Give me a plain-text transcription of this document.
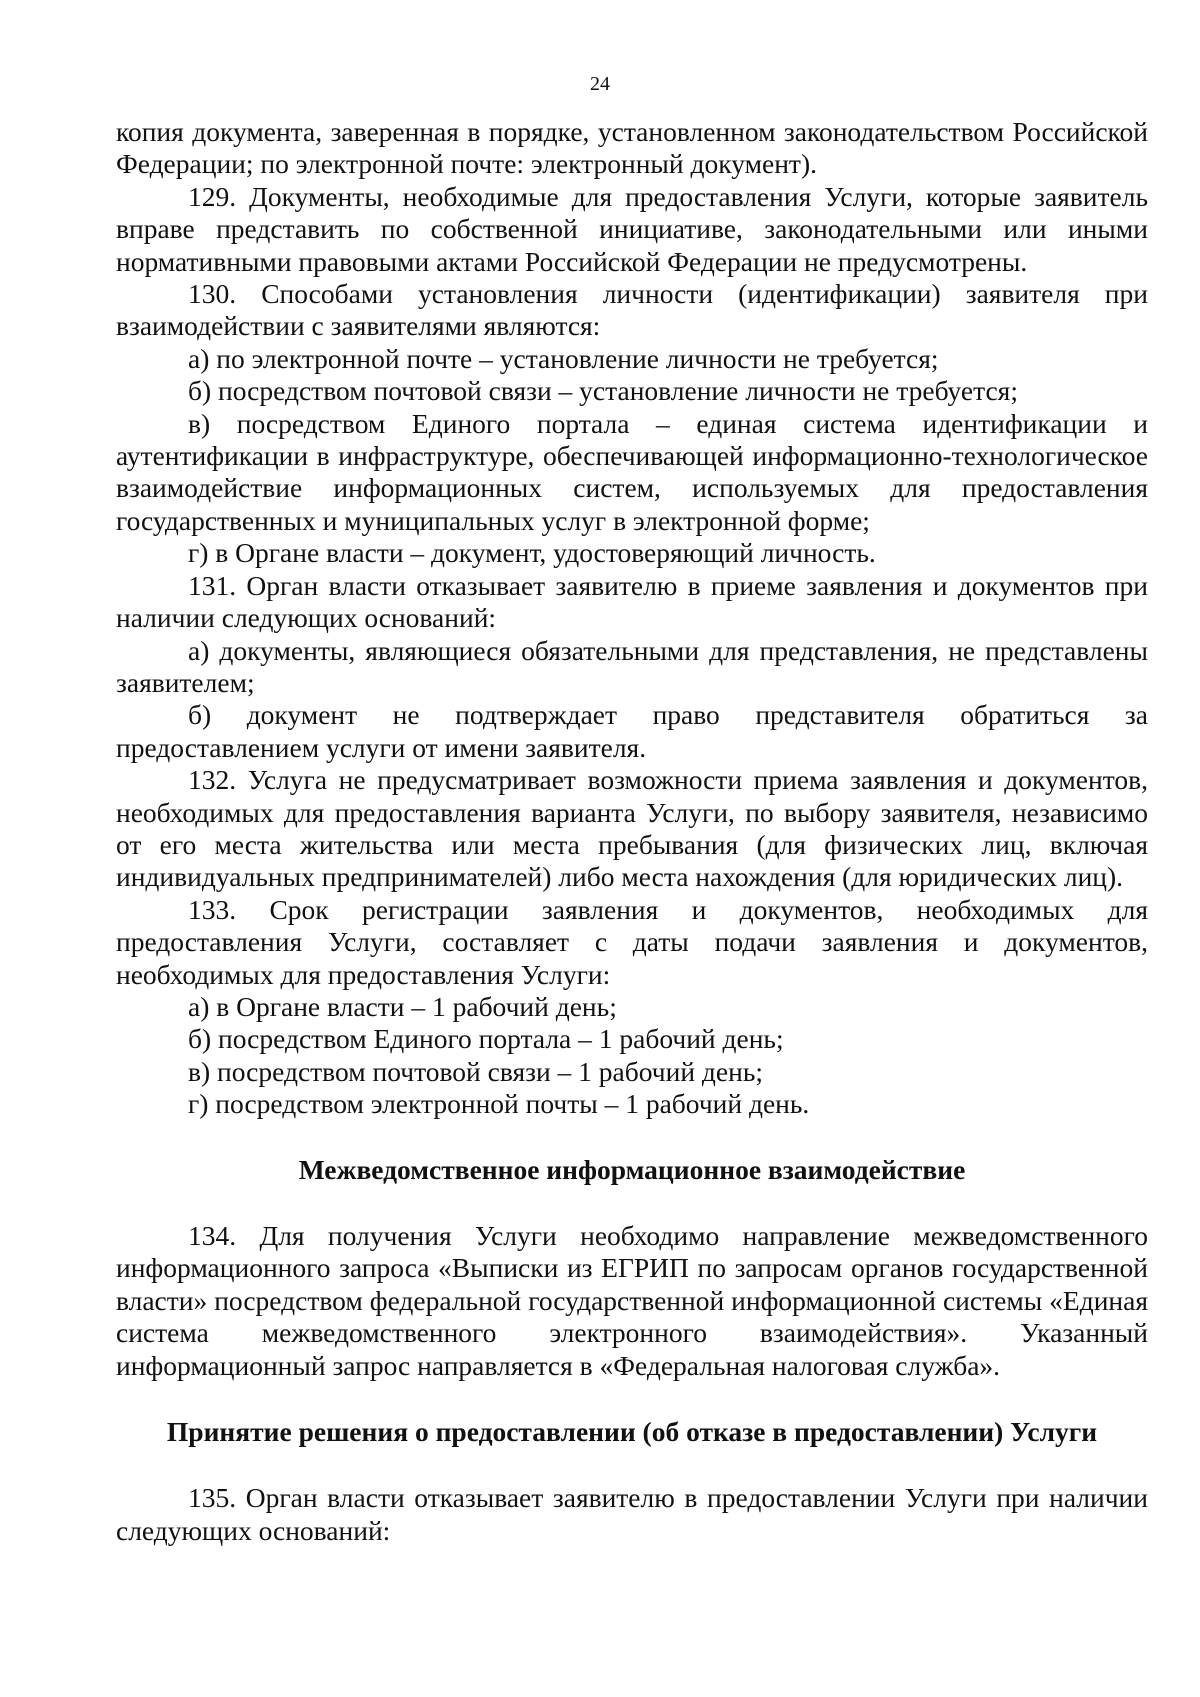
24

копия документа, заверенная в порядке, установленном законодательством Российской Федерации; по электронной почте: электронный документ).

129. Документы, необходимые для предоставления Услуги, которые заявитель вправе представить по собственной инициативе, законодательными или иными нормативными правовыми актами Российской Федерации не предусмотрены.

130. Способами установления личности (идентификации) заявителя при взаимодействии с заявителями являются:

а) по электронной почте – установление личности не требуется;

б) посредством почтовой связи – установление личности не требуется;

в) посредством Единого портала – единая система идентификации и аутентификации в инфраструктуре, обеспечивающей информационно-технологическое взаимодействие информационных систем, используемых для предоставления государственных и муниципальных услуг в электронной форме;

г) в Органе власти – документ, удостоверяющий личность.

131. Орган власти отказывает заявителю в приеме заявления и документов при наличии следующих оснований:

а) документы, являющиеся обязательными для представления, не представлены заявителем;

б) документ не подтверждает право представителя обратиться за предоставлением услуги от имени заявителя.

132. Услуга не предусматривает возможности приема заявления и документов, необходимых для предоставления варианта Услуги, по выбору заявителя, независимо от его места жительства или места пребывания (для физических лиц, включая индивидуальных предпринимателей) либо места нахождения (для юридических лиц).

133. Срок регистрации заявления и документов, необходимых для предоставления Услуги, составляет с даты подачи заявления и документов, необходимых для предоставления Услуги:

а) в Органе власти – 1 рабочий день;

б) посредством Единого портала – 1 рабочий день;

в) посредством почтовой связи – 1 рабочий день;

г) посредством электронной почты – 1 рабочий день.

Межведомственное информационное взаимодействие

134. Для получения Услуги необходимо направление межведомственного информационного запроса «Выписки из ЕГРИП по запросам органов государственной власти» посредством федеральной государственной информационной системы «Единая система межведомственного электронного взаимодействия». Указанный информационный запрос направляется в «Федеральная налоговая служба».

Принятие решения о предоставлении (об отказе в предоставлении) Услуги

135. Орган власти отказывает заявителю в предоставлении Услуги при наличии следующих оснований:
